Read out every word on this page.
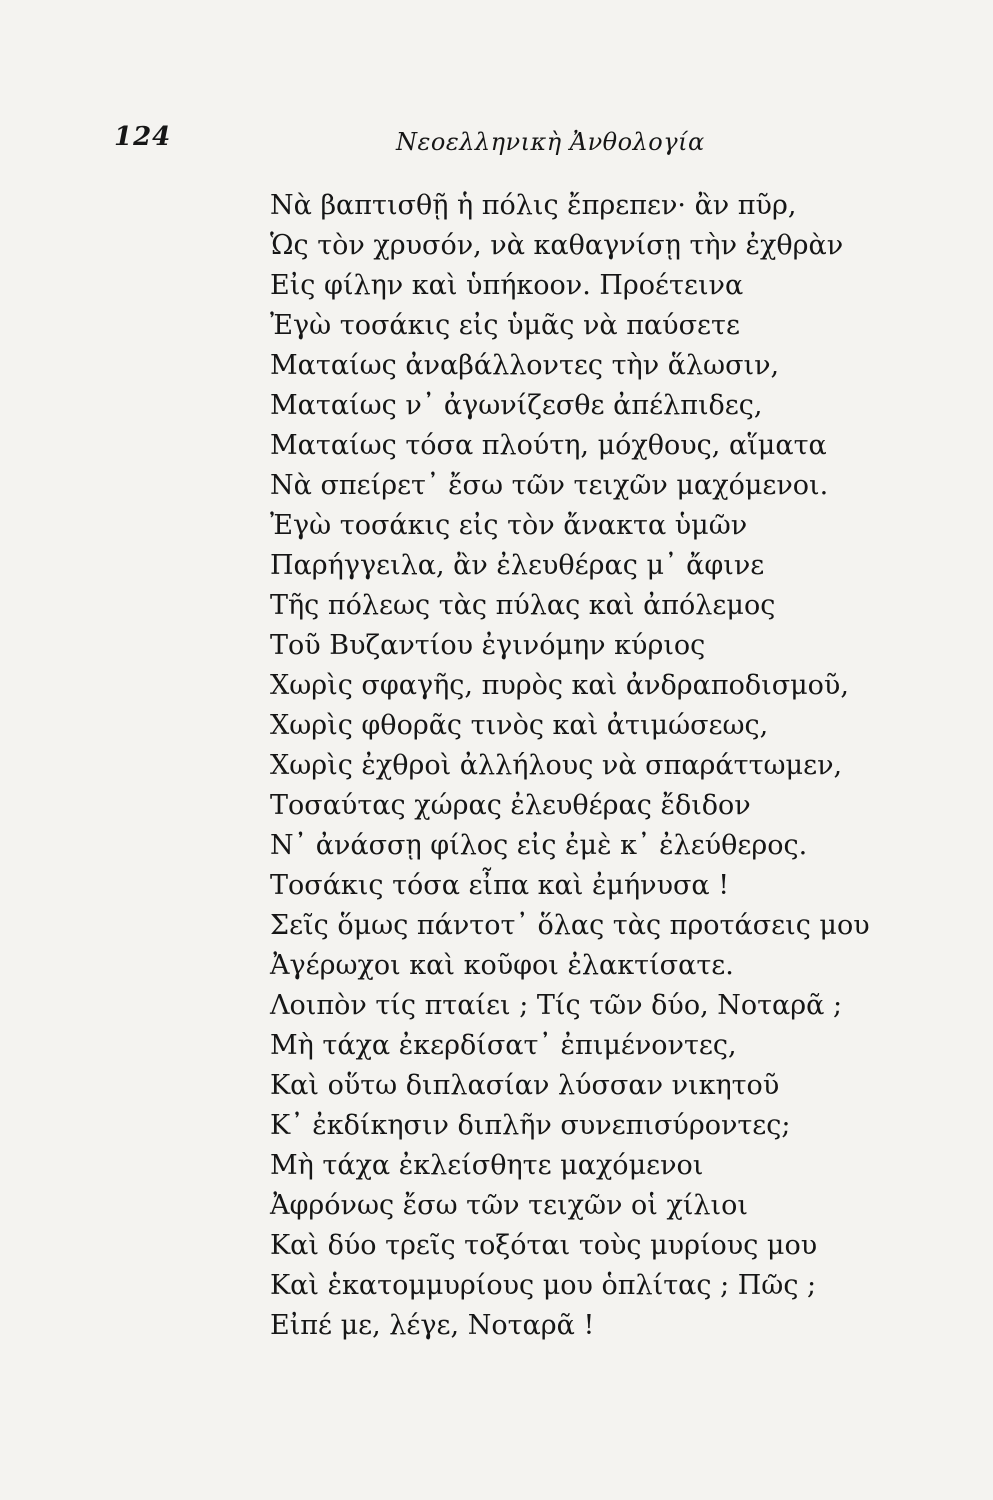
124	Νεοελληνικὴ Ἀνθολογία
Νὰ βαπτισθῇ ἡ πόλις ἔπρεπεν· ἂν πῦρ,
Ὡς τὸν χρυσόν, νὰ καθαγνίσῃ τὴν ἐχθρὰν
Εἰς φίλην καὶ ὑπήκοον. Προέτεινα
Ἐγὼ τοσάκις εἰς ὑμᾶς νὰ παύσετε
Ματαίως ἀναβάλλοντες τὴν ἅλωσιν,
Ματαίως ν᾽ ἀγωνίζεσθε ἀπέλπιδες,
Ματαίως τόσα πλούτη, μόχθους, αἵματα
Νὰ σπείρετ᾽ ἔσω τῶν τειχῶν μαχόμενοι.
Ἐγὼ τοσάκις εἰς τὸν ἄνακτα ὑμῶν
Παρήγγειλα, ἂν ἐλευθέρας μ᾽ ἄφινε
Τῆς πόλεως τὰς πύλας καὶ ἀπόλεμος
Τοῦ Βυζαντίου ἐγινόμην κύριος
Χωρὶς σφαγῆς, πυρὸς καὶ ἀνδραποδισμοῦ,
Χωρὶς φθορᾶς τινὸς καὶ ἀτιμώσεως,
Χωρὶς ἐχθροὶ ἀλλήλους νὰ σπαράττωμεν,
Τοσαύτας χώρας ἐλευθέρας ἔδιδον
Ν᾽ ἀνάσσῃ φίλος εἰς ἐμὲ κ᾽ ἐλεύθερος.
Τοσάκις τόσα εἶπα καὶ ἐμήνυσα !
Σεῖς ὅμως πάντοτ᾽ ὅλας τὰς προτάσεις μου
Ἀγέρωχοι καὶ κοῦφοι ἐλακτίσατε.
Λοιπὸν τίς πταίει ; Τίς τῶν δύο, Νοταρᾶ ;
Μὴ τάχα ἐκερδίσατ᾽ ἐπιμένοντες,
Καὶ οὕτω διπλασίαν λύσσαν νικητοῦ
Κ᾽ ἐκδίκησιν διπλῆν συνεπισύροντες;
Μὴ τάχα ἐκλείσθητε μαχόμενοι
Ἀφρόνως ἔσω τῶν τειχῶν οἱ χίλιοι
Καὶ δύο τρεῖς τοξόται τοὺς μυρίους μου
Καὶ ἑκατομμυρίους μου ὁπλίτας ; Πῶς ;
Εἰπέ με, λέγε, Νοταρᾶ !
